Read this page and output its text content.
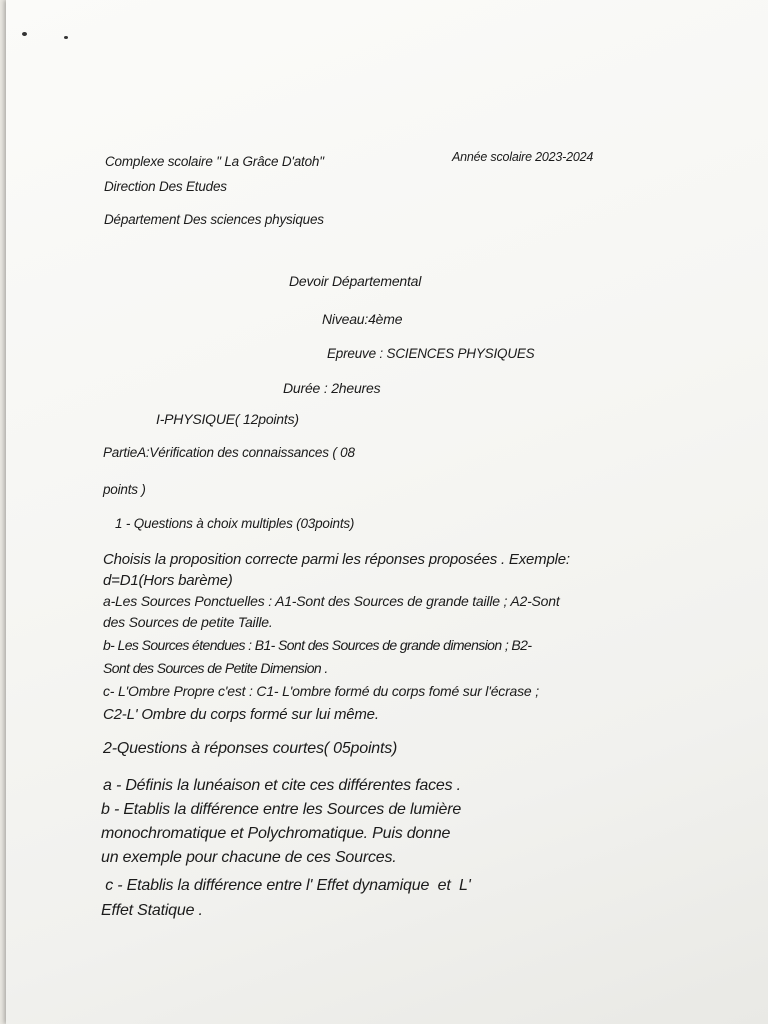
Complexe scolaire " La Grâce D'atoh"	Année scolaire 2023-2024

Direction Des Etudes

Département Des sciences physiques

Devoir Départemental

Niveau:4ème

Epreuve : SCIENCES PHYSIQUES

Durée : 2heures

I-PHYSIQUE( 12points)

PartieA:Vérification des connaissances ( 08

points )

1 - Questions à choix multiples (03points)

Choisis la proposition correcte parmi les réponses proposées . Exemple:

d=D1(Hors barème)

a-Les Sources Ponctuelles : A1-Sont des Sources de grande taille ; A2-Sont

des Sources de petite Taille.

b- Les Sources étendues : B1- Sont des Sources de grande dimension ; B2-

Sont des Sources de Petite Dimension .

c- L'Ombre Propre c'est : C1- L'ombre formé du corps fomé sur l'écrase ;

C2-L' Ombre du corps formé sur lui même.

2-Questions à réponses courtes( 05points)

a - Définis la lunéaison et cite ces différentes faces .

b - Etablis la différence entre les Sources de lumière

monochromatique et Polychromatique. Puis donne

un exemple pour chacune de ces Sources.

c - Etablis la différence entre l' Effet dynamique  et  L'

Effet Statique .
